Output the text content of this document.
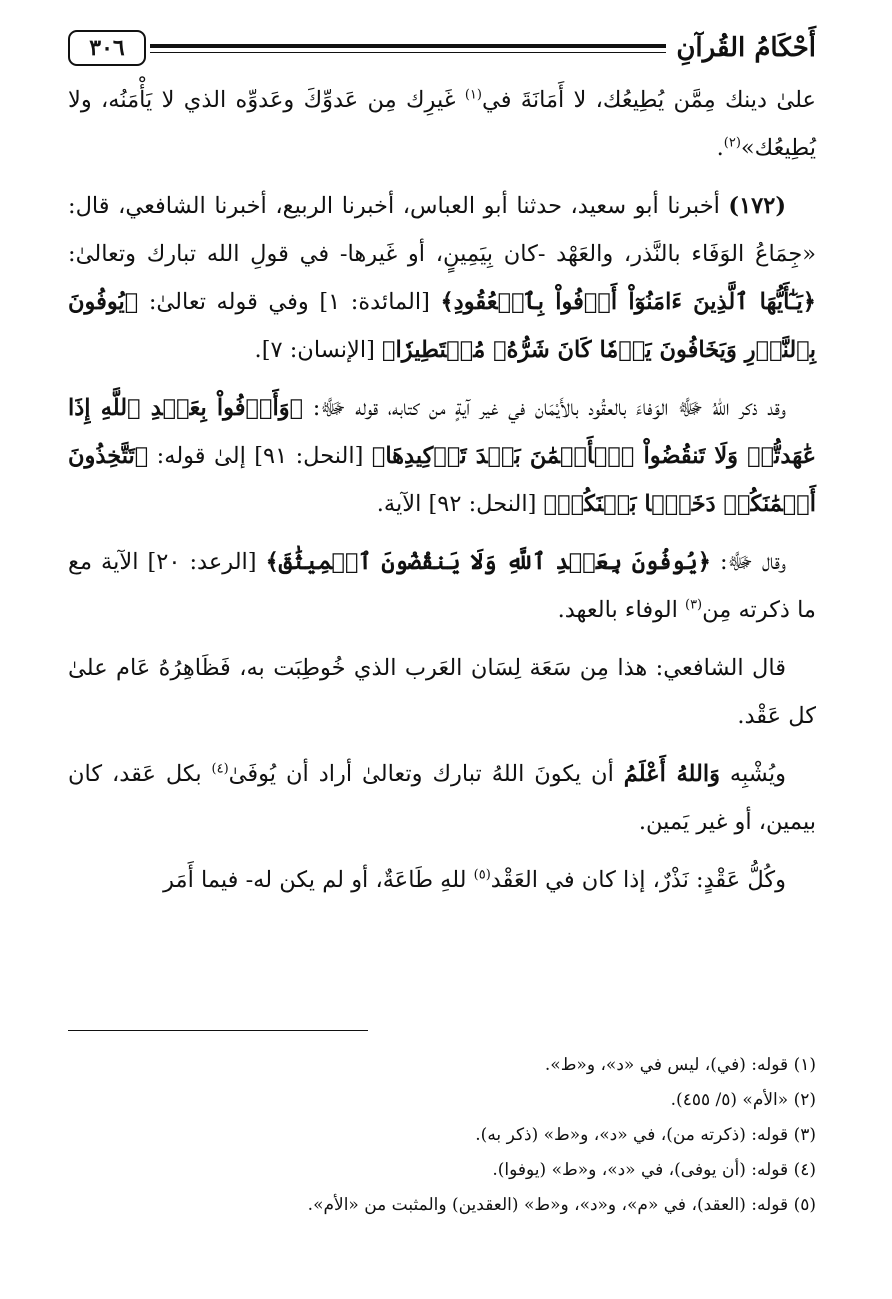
أَحْكَامُ القُرآنِ
٣٠٦

علىٰ دينك مِمَّن يُطِيعُك، لا أَمَانَةَ في$^{(١)}$ غَيرِك مِن عَدوِّكَ وعَدوِّه الذي لا يَأْمَنُه، ولا يُطِيعُك»$^{(٢)}$.

(١٧٢) أخبرنا أبو سعيد، حدثنا أبو العباس، أخبرنا الربيع، أخبرنا الشافعي، قال: «جِمَاعُ الوَفَاء بالنَّذر، والعَهْد -كان بِيَمِينٍ، أو غَيرها- في قولِ الله تبارك وتعالىٰ: ﴿يَـٰٓأَيُّهَا ٱلَّذِينَ ءَامَنُوٓاْ أَوۡفُواْ بِٱلۡعُقُودِ﴾ [المائدة: ١] وفي قوله تعالىٰ: ﴿يُوفُونَ بِٱلنَّذۡرِ وَيَخَافُونَ يَوۡمٗا كَانَ شَرُّهُۥ مُسۡتَطِيرٗا﴾ [الإنسان: ٧].

وقد ذكر اللهُ ﷻ الوَفاءَ بالعقُود بالأَيْمَان في غير آيةٍ من كتابه، قوله ﷻ: ﴿وَأَوۡفُواْ بِعَهۡدِ ٱللَّهِ إِذَا عَٰهَدتُّمۡ وَلَا تَنقُضُواْ ٱلۡأَيۡمَٰنَ بَعۡدَ تَوۡكِيدِهَا﴾ [النحل: ٩١] إلىٰ قوله: ﴿تَتَّخِذُونَ أَيۡمَٰنَكُمۡ دَخَلَۢا بَيۡنَكُمۡ﴾ [النحل: ٩٢] الآية.

وقال ﷻ: ﴿يُوفُونَ بِعَهۡدِ ٱللَّهِ وَلَا يَنقُضُونَ ٱلۡمِيثَٰقَ﴾ [الرعد: ٢٠] الآية مع ما ذكرته مِن$^{(٣)}$ الوفاء بالعهد.

قال الشافعي: هذا مِن سَعَة لِسَان العَرب الذي خُوطِبَت به، فَظَاهِرُهُ عَام علىٰ كل عَقْد.

ويُشْبِه وَاللهُ أَعْلَمُ أن يكونَ اللهُ تبارك وتعالىٰ أراد أن يُوفَىٰ$^{(٤)}$ بكل عَقد، كان بيمين، أو غير يَمين.

وكُلُّ عَقْدٍ: نَذْرٌ، إذا كان في العَقْد$^{(٥)}$ للهِ طَاعَةٌ، أو لم يكن له- فيما أَمَر

(١) قوله: (في)، ليس في «د»، و«ط».
(٢) «الأم» (٥/ ٤٥٥).
(٣) قوله: (ذكرته من)، في «د»، و«ط» (ذكر به).
(٤) قوله: (أن يوفى)، في «د»، و«ط» (يوفوا).
(٥) قوله: (العقد)، في «م»، و«د»، و«ط» (العقدين) والمثبت من «الأم».
